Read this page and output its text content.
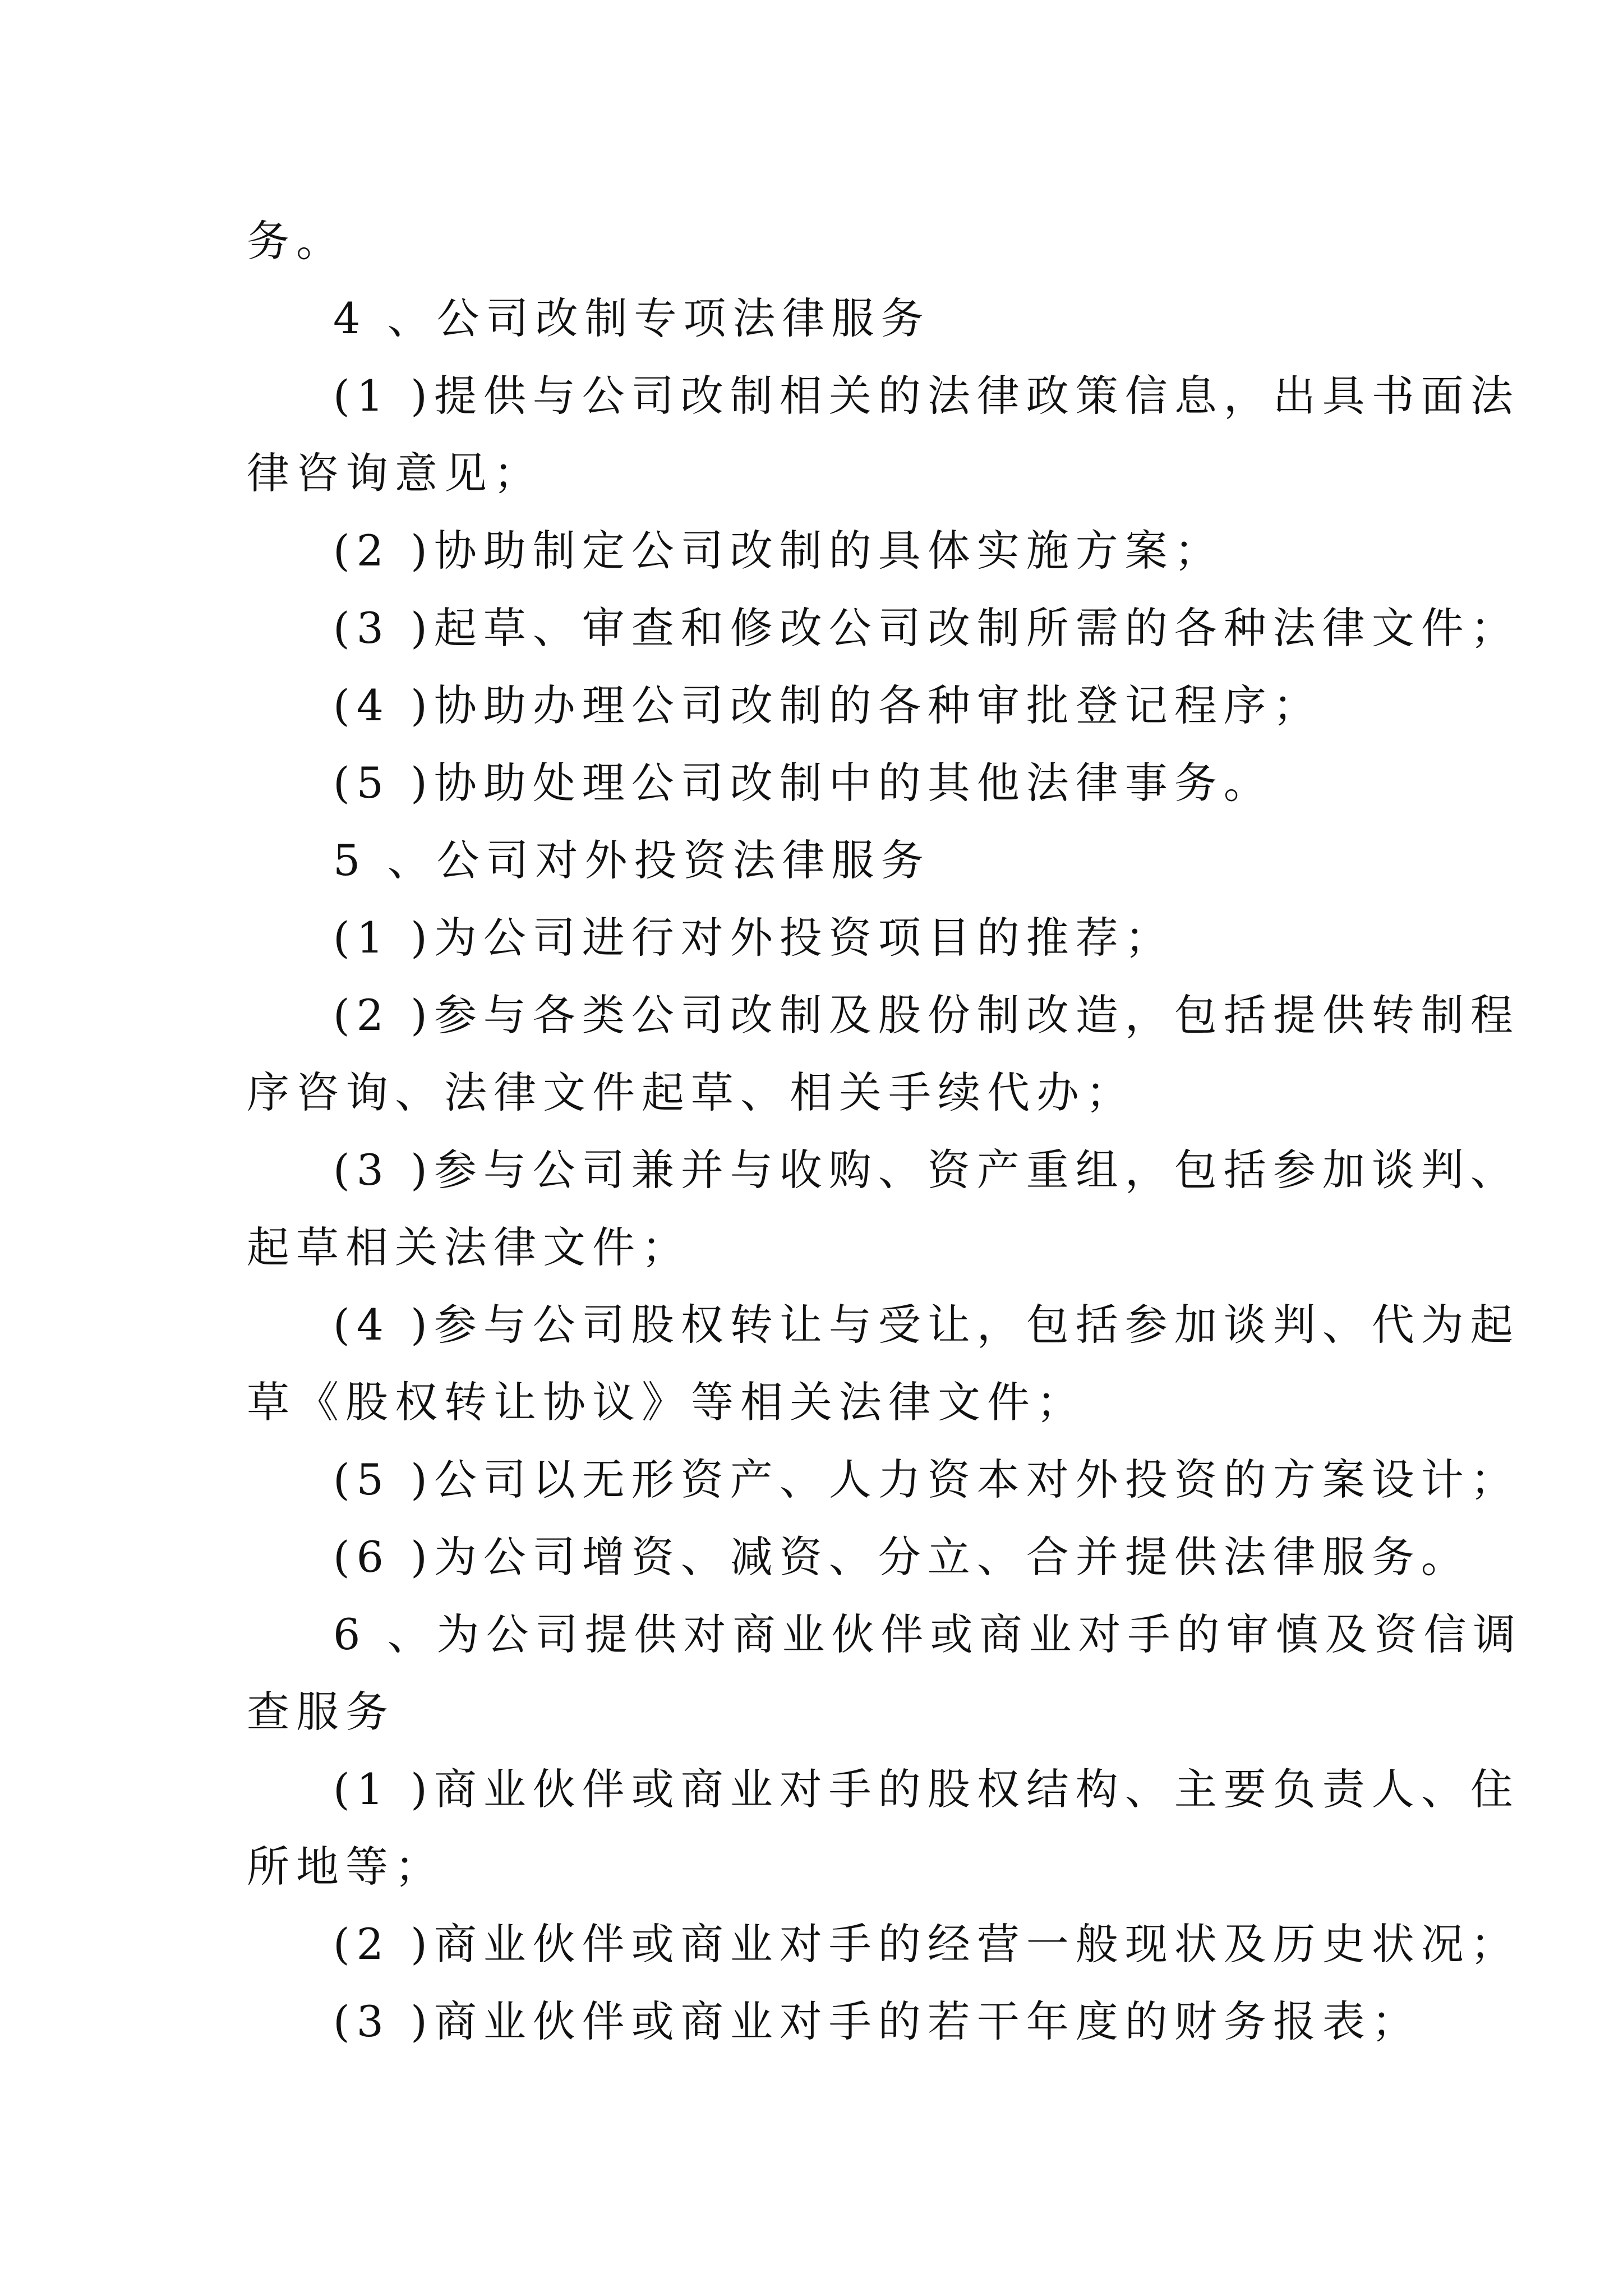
务。
4 、公司改制专项法律服务
(1 )提供与公司改制相关的法律政策信息，出具书面法
律咨询意见；
(2 )协助制定公司改制的具体实施方案；
(3 )起草、审查和修改公司改制所需的各种法律文件；
(4 )协助办理公司改制的各种审批登记程序；
(5 )协助处理公司改制中的其他法律事务。
5 、公司对外投资法律服务
(1 )为公司进行对外投资项目的推荐；
(2 )参与各类公司改制及股份制改造，包括提供转制程
序咨询、法律文件起草、相关手续代办；
(3 )参与公司兼并与收购、资产重组，包括参加谈判、
起草相关法律文件；
(4 )参与公司股权转让与受让，包括参加谈判、代为起
草《股权转让协议》等相关法律文件；
(5 )公司以无形资产、人力资本对外投资的方案设计；
(6 )为公司增资、减资、分立、合并提供法律服务。
6 、为公司提供对商业伙伴或商业对手的审慎及资信调
查服务
(1 )商业伙伴或商业对手的股权结构、主要负责人、住
所地等；
(2 )商业伙伴或商业对手的经营一般现状及历史状况；
(3 )商业伙伴或商业对手的若干年度的财务报表；
